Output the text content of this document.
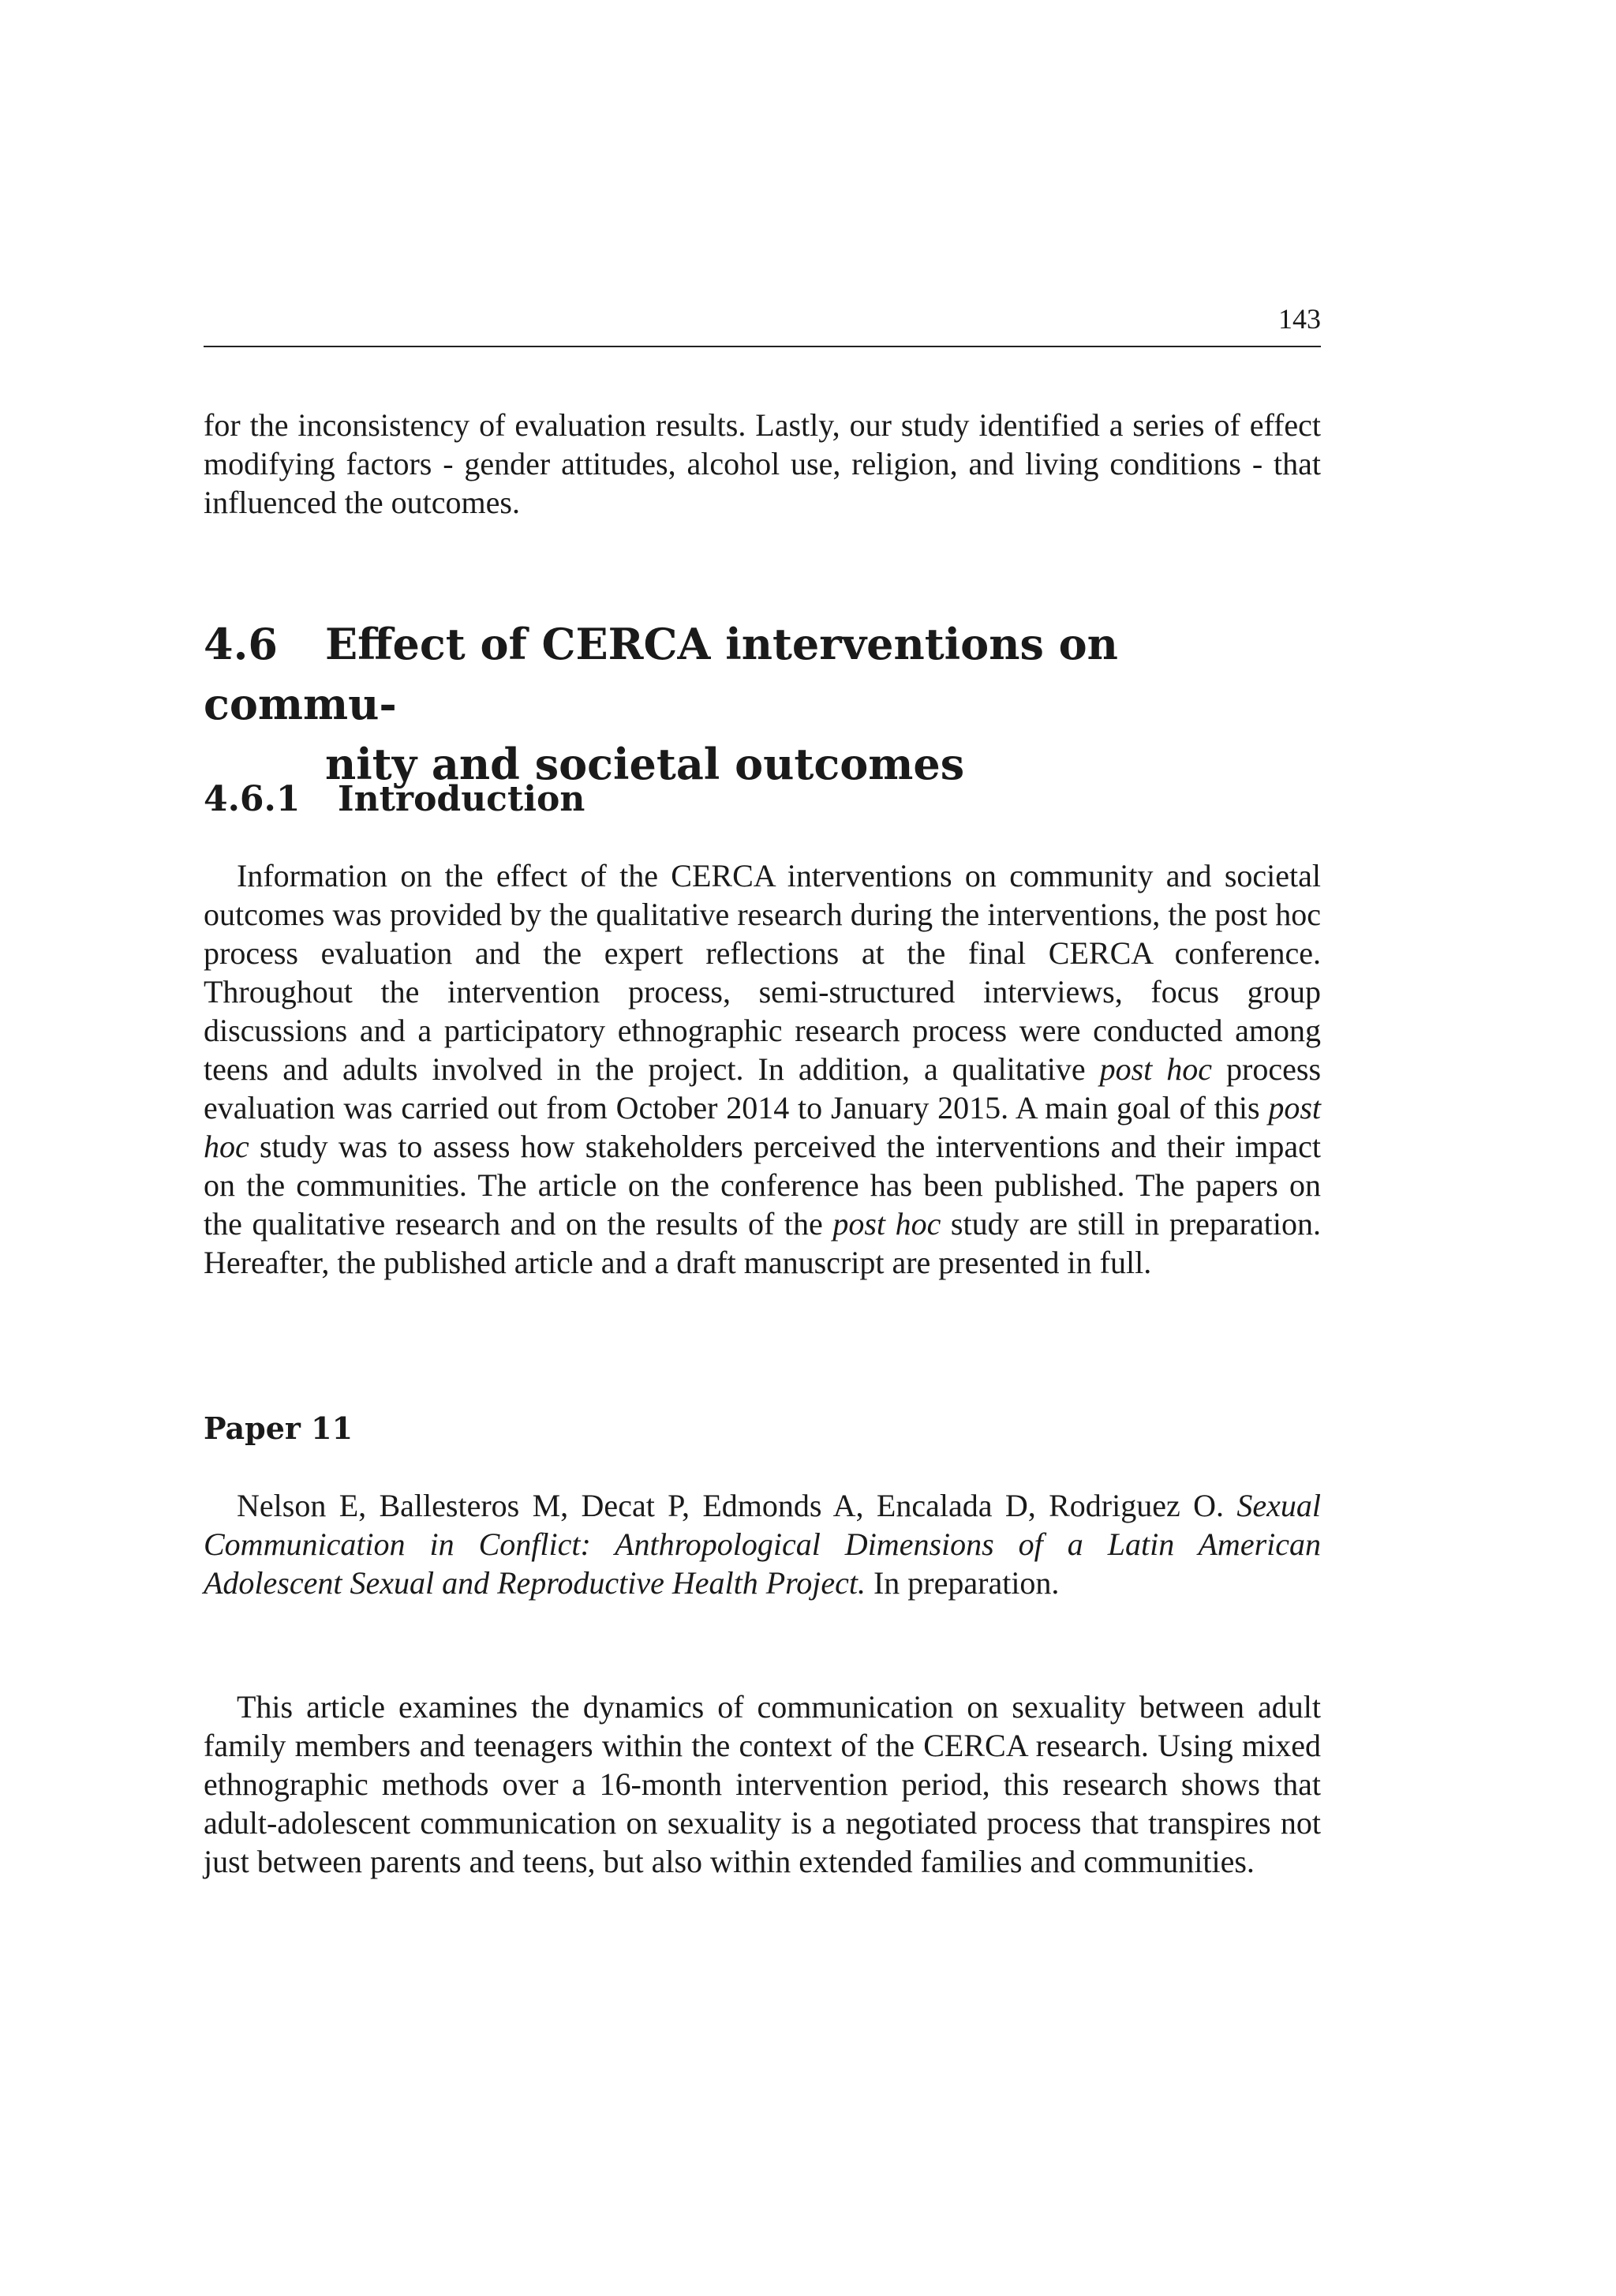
143

for the inconsistency of evaluation results. Lastly, our study identified a series of effect modifying factors - gender attitudes, alcohol use, religion, and living conditions - that influenced the outcomes.

4.6 Effect of CERCA interventions on commu-
nity and societal outcomes
4.6.1 Introduction

Information on the effect of the CERCA interventions on community and societal outcomes was provided by the qualitative research during the interventions, the post hoc process evaluation and the expert reflections at the final CERCA conference. Throughout the intervention process, semi-structured interviews, focus group discussions and a participatory ethnographic research process were conducted among teens and adults involved in the project. In addition, a qualitative post hoc process evaluation was carried out from October 2014 to January 2015. A main goal of this post hoc study was to assess how stakeholders perceived the interventions and their impact on the communities. The article on the conference has been published. The papers on the qualitative research and on the results of the post hoc study are still in preparation. Hereafter, the published article and a draft manuscript are presented in full.

Paper 11

Nelson E, Ballesteros M, Decat P, Edmonds A, Encalada D, Rodriguez O. Sexual Communication in Conflict: Anthropological Dimensions of a Latin American Adolescent Sexual and Reproductive Health Project. In preparation.

This article examines the dynamics of communication on sexuality between adult family members and teenagers within the context of the CERCA research. Using mixed ethnographic methods over a 16-month intervention period, this research shows that adult-adolescent communication on sexuality is a negotiated process that transpires not just between parents and teens, but also within extended families and communities.
